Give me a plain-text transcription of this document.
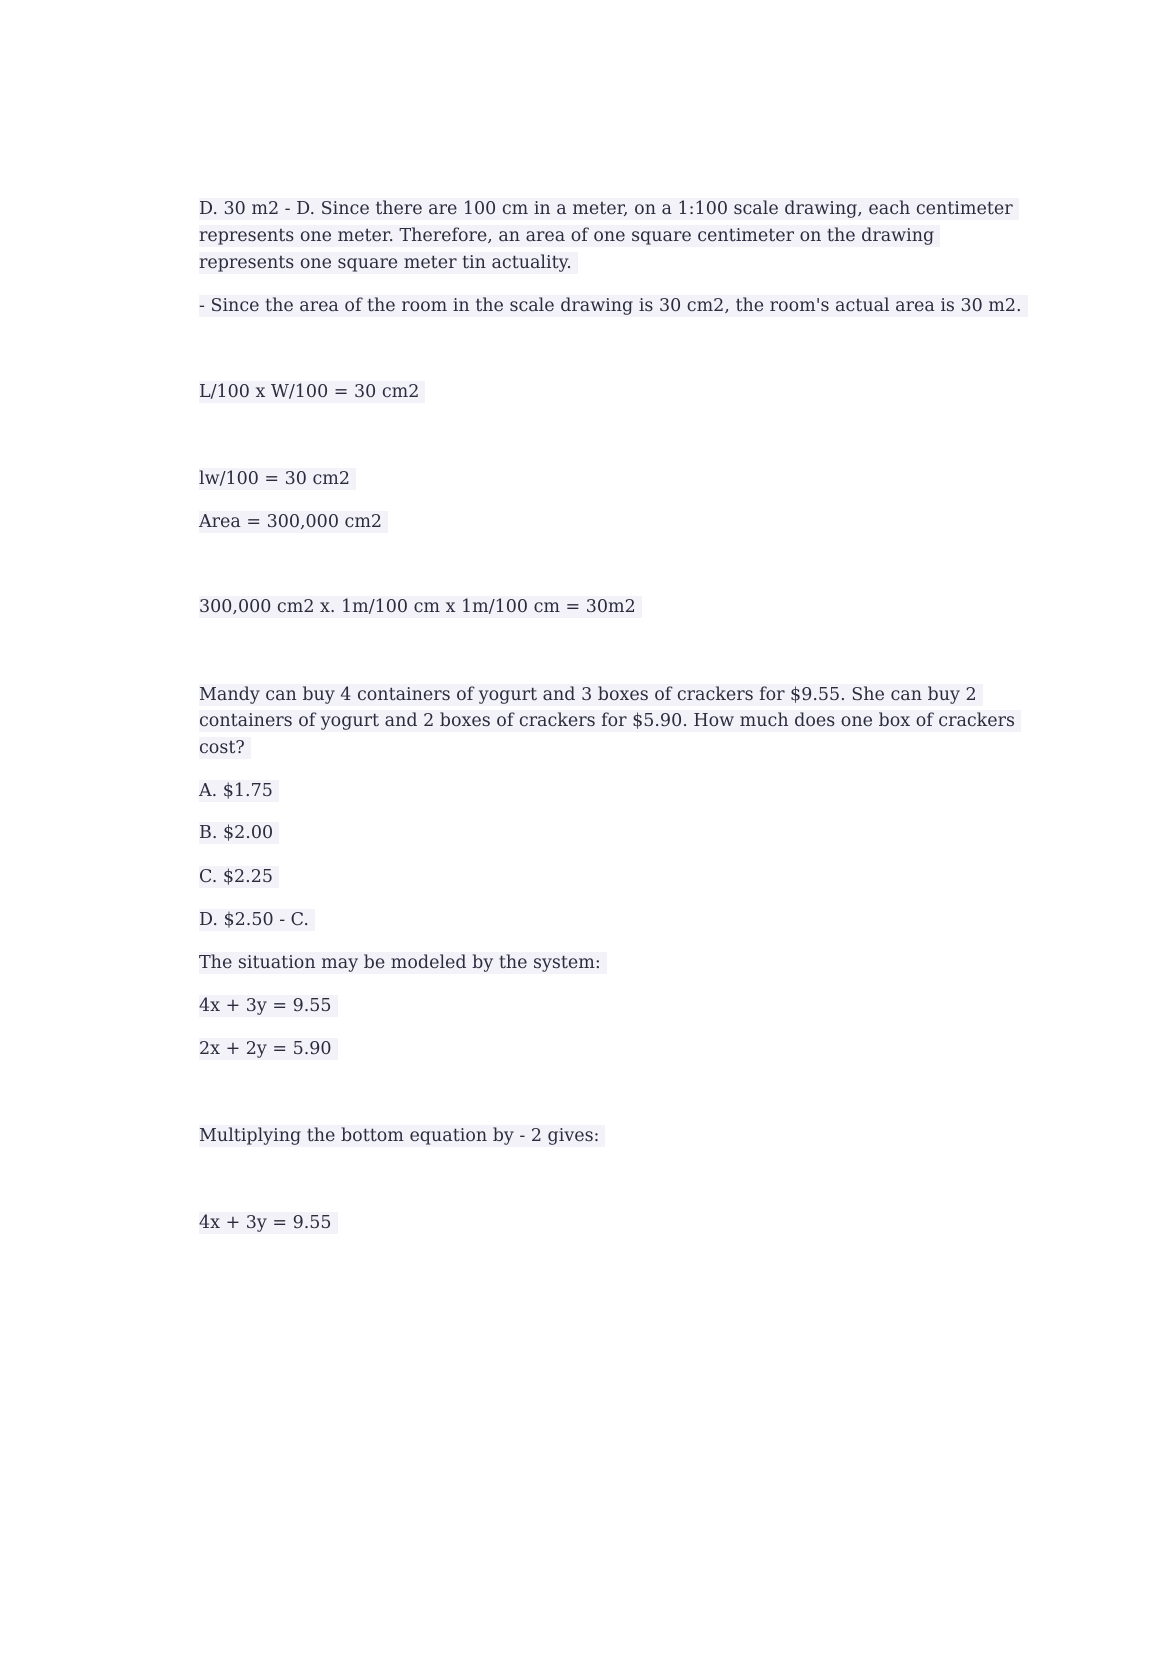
D. 30 m2 - D. Since there are 100 cm in a meter, on a 1:100 scale drawing, each centimeter
represents one meter. Therefore, an area of one square centimeter on the drawing
represents one square meter tin actuality.
- Since the area of the room in the scale drawing is 30 cm2, the room's actual area is 30 m2.
L/100 x W/100 = 30 cm2
lw/100 = 30 cm2
Area = 300,000 cm2
300,000 cm2 x. 1m/100 cm x 1m/100 cm = 30m2
Mandy can buy 4 containers of yogurt and 3 boxes of crackers for $9.55. She can buy 2
containers of yogurt and 2 boxes of crackers for $5.90. How much does one box of crackers
cost?
A. $1.75
B. $2.00
C. $2.25
D. $2.50 - C.
The situation may be modeled by the system:
4x + 3y = 9.55
2x + 2y = 5.90
Multiplying the bottom equation by - 2 gives:
4x + 3y = 9.55
